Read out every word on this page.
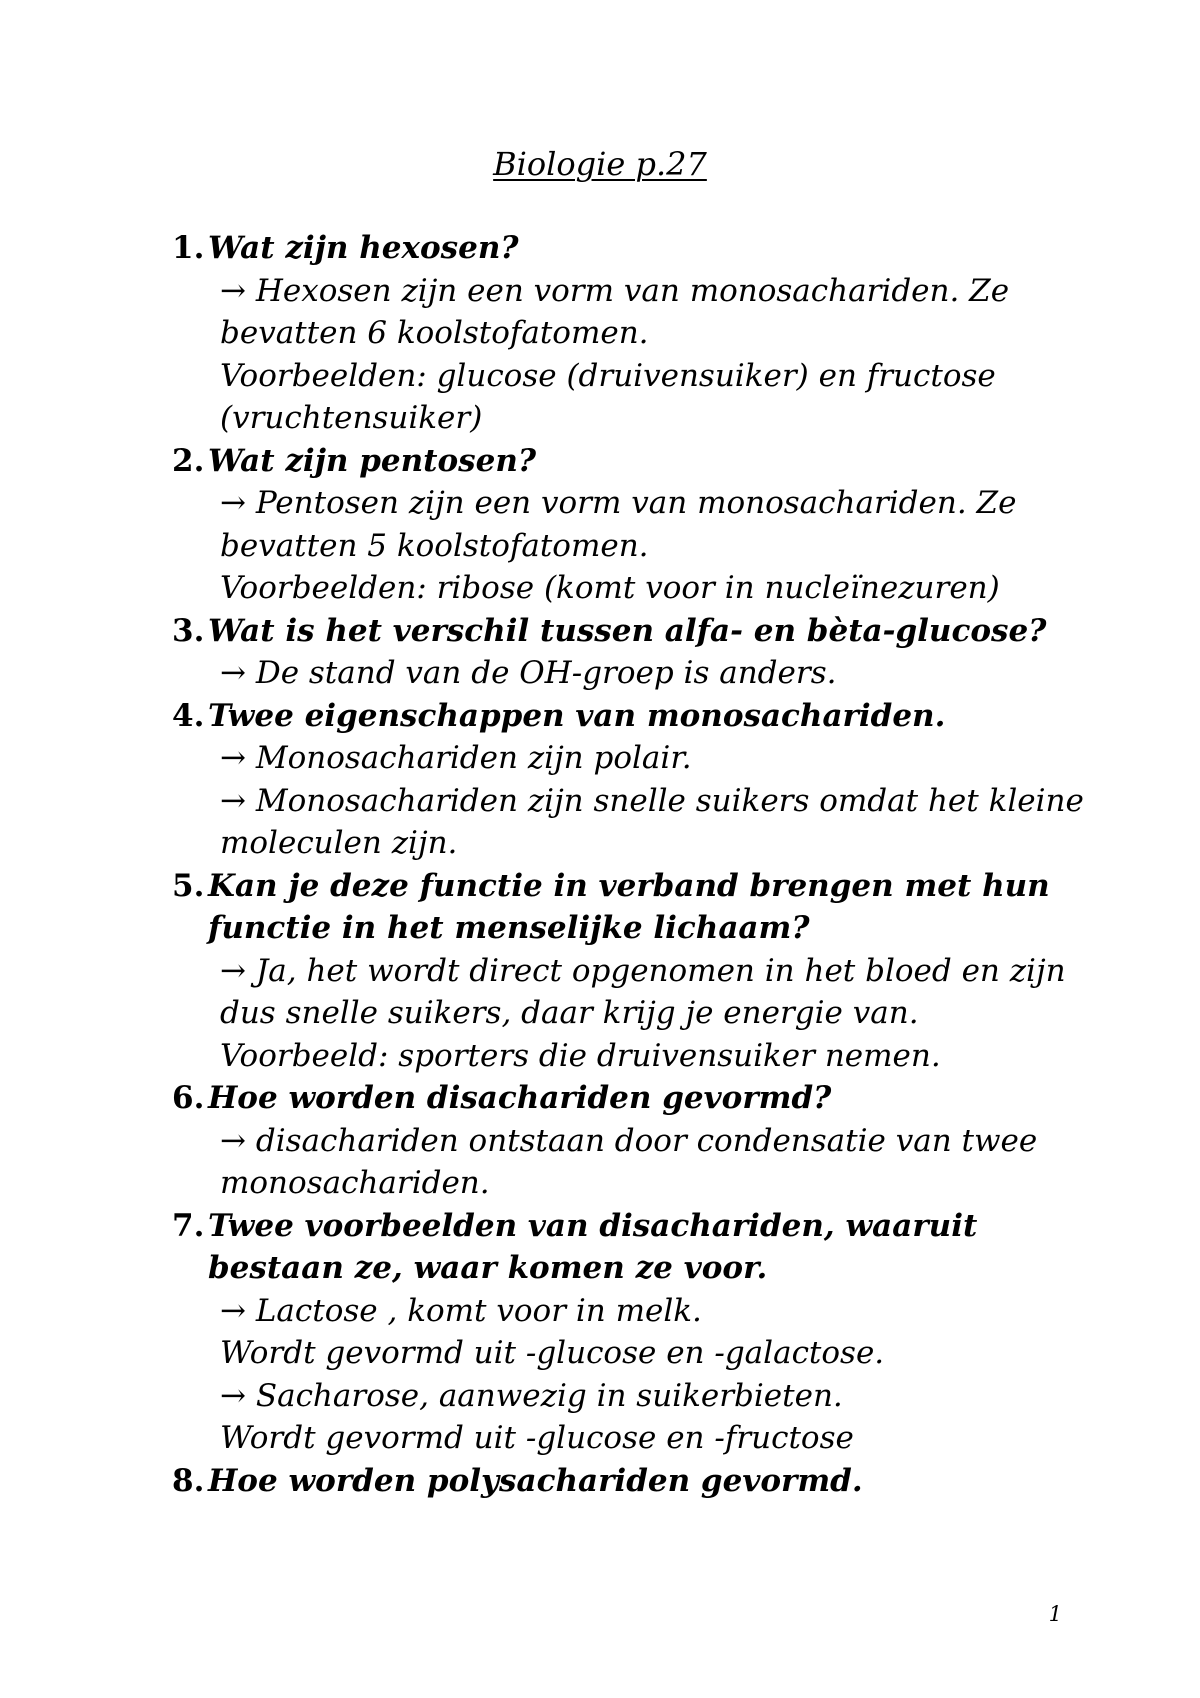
Biologie p.27
1. Wat zijn hexosen?
→ Hexosen zijn een vorm van monosachariden. Ze
bevatten 6 koolstofatomen.
Voorbeelden: glucose (druivensuiker) en fructose
(vruchtensuiker)
2. Wat zijn pentosen?
→ Pentosen zijn een vorm van monosachariden. Ze
bevatten 5 koolstofatomen.
Voorbeelden: ribose (komt voor in nucleïnezuren)
3. Wat is het verschil tussen alfa- en bèta-glucose?
→ De stand van de OH-groep is anders.
4. Twee eigenschappen van monosachariden.
→ Monosachariden zijn polair.
→ Monosachariden zijn snelle suikers omdat het kleine
moleculen zijn.
5. Kan je deze functie in verband brengen met hun
functie in het menselijke lichaam?
→ Ja, het wordt direct opgenomen in het bloed en zijn
dus snelle suikers, daar krijg je energie van.
Voorbeeld: sporters die druivensuiker nemen.
6. Hoe worden disachariden gevormd?
→ disachariden ontstaan door condensatie van twee
monosachariden.
7. Twee voorbeelden van disachariden, waaruit
bestaan ze, waar komen ze voor.
→ Lactose , komt voor in melk.
Wordt gevormd uit -glucose en -galactose.
→ Sacharose, aanwezig in suikerbieten.
Wordt gevormd uit -glucose en -fructose
8. Hoe worden polysachariden gevormd.
1
